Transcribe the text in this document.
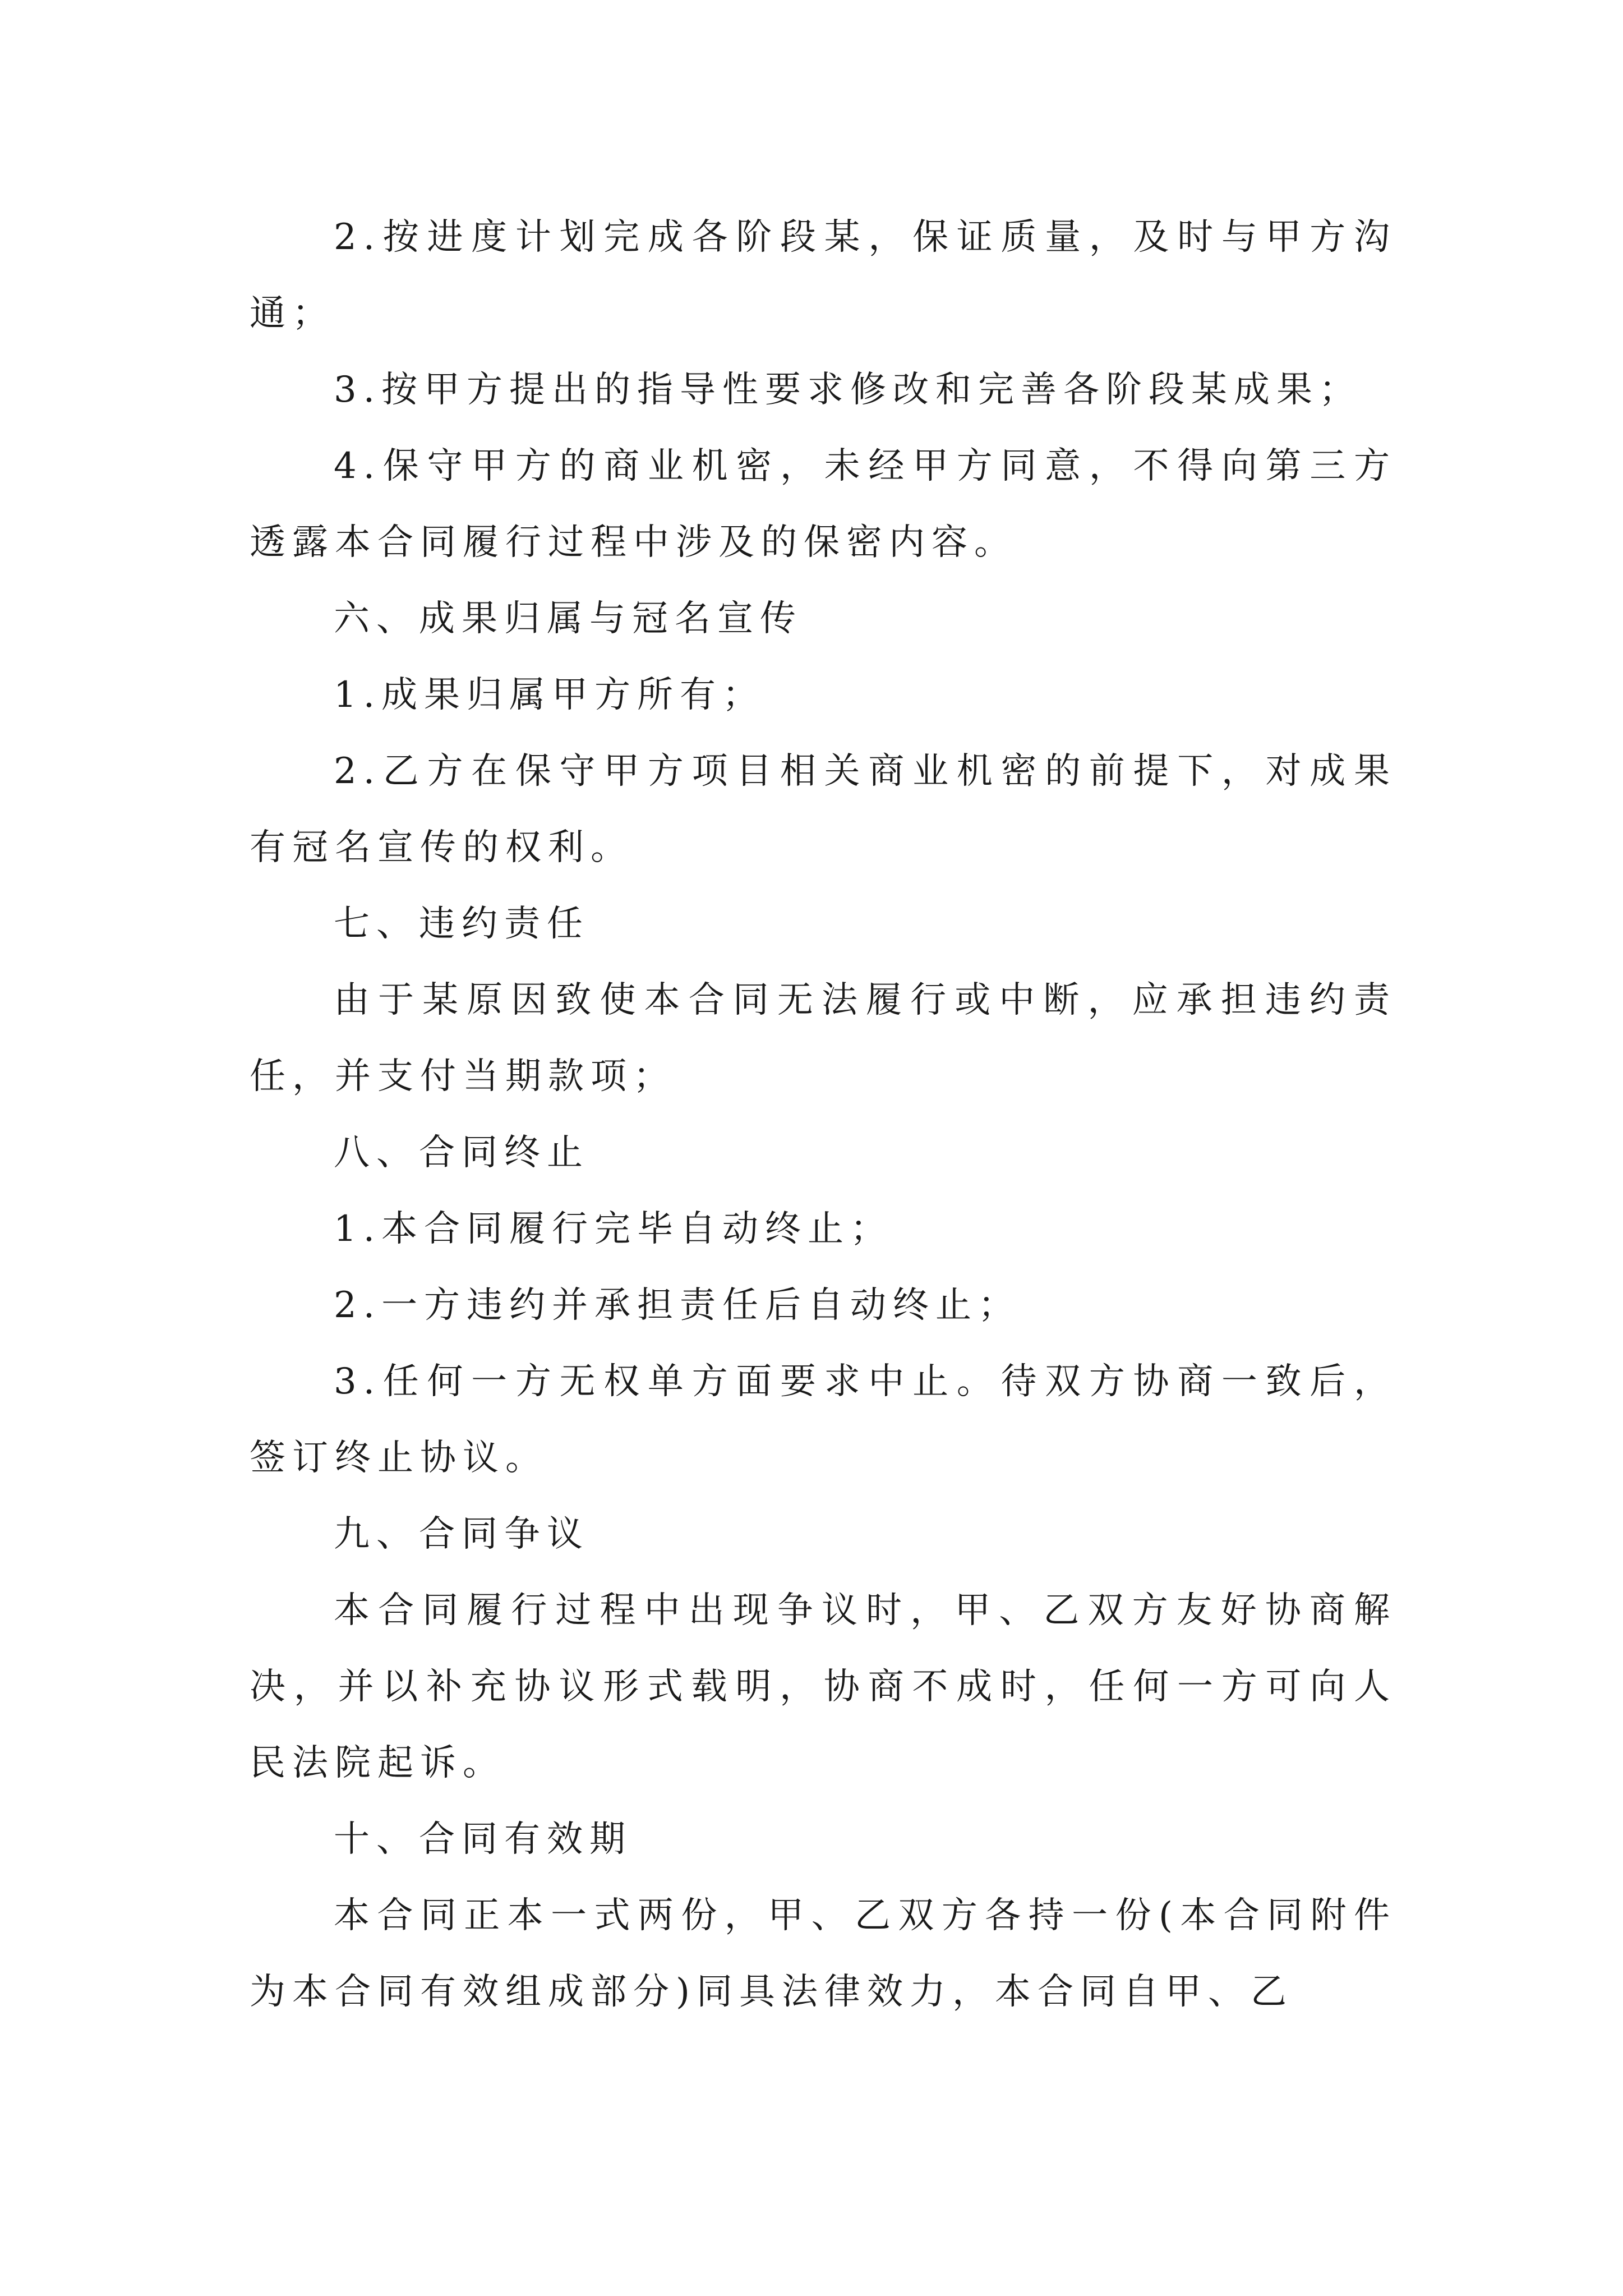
2.按进度计划完成各阶段某，保证质量，及时与甲方沟通；

3.按甲方提出的指导性要求修改和完善各阶段某成果；

4.保守甲方的商业机密，未经甲方同意，不得向第三方透露本合同履行过程中涉及的保密内容。

六、成果归属与冠名宣传

1.成果归属甲方所有；

2.乙方在保守甲方项目相关商业机密的前提下，对成果有冠名宣传的权利。

七、违约责任

由于某原因致使本合同无法履行或中断，应承担违约责任，并支付当期款项；

八、合同终止

1.本合同履行完毕自动终止；

2.一方违约并承担责任后自动终止；

3.任何一方无权单方面要求中止。待双方协商一致后，签订终止协议。

九、合同争议

本合同履行过程中出现争议时，甲、乙双方友好协商解决，并以补充协议形式载明，协商不成时，任何一方可向人民法院起诉。

十、合同有效期

本合同正本一式两份，甲、乙双方各持一份(本合同附件为本合同有效组成部分)同具法律效力，本合同自甲、乙
